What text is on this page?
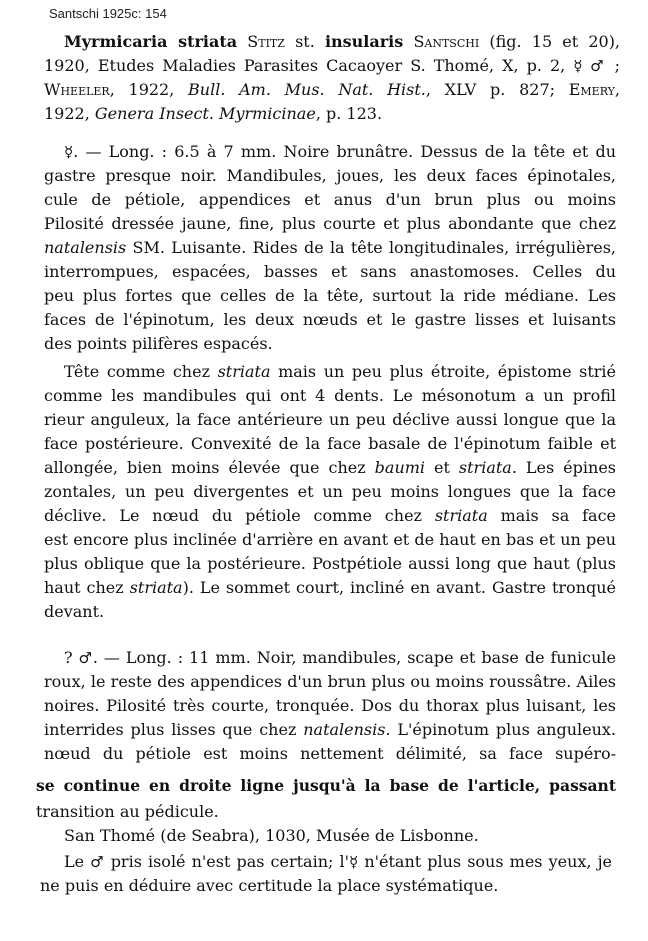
Santschi 1925c: 154
Myrmicaria striata Stitz st. insularis Santschi (fig. 15 et 20),
1920, Etudes Maladies Parasites Cacaoyer S. Thomé, X, p. 2, ☿ ♂ ;
Wheeler, 1922, Bull. Am. Mus. Nat. Hist., XLV p. 827; Emery,
1922, Genera Insect. Myrmicinae, p. 123.
☿. — Long. : 6.5 à 7 mm. Noire brunâtre. Dessus de la tête et du
gastre presque noir. Mandibules, joues, les deux faces épinotales,
cule de pétiole, appendices et anus d'un brun plus ou moins
Pilosité dressée jaune, fine, plus courte et plus abondante que chez
natalensis SM. Luisante. Rides de la tête longitudinales, irrégulières,
interrompues, espacées, basses et sans anastomoses. Celles du
peu plus fortes que celles de la tête, surtout la ride médiane. Les
faces de l'épinotum, les deux nœuds et le gastre lisses et luisants
des points pilifères espacés.
Tête comme chez striata mais un peu plus étroite, épistome strié
comme les mandibules qui ont 4 dents. Le mésonotum a un profil
rieur anguleux, la face antérieure un peu déclive aussi longue que la
face postérieure. Convexité de la face basale de l'épinotum faible et
allongée, bien moins élevée que chez baumi et striata. Les épines
zontales, un peu divergentes et un peu moins longues que la face
déclive. Le nœud du pétiole comme chez striata mais sa face
est encore plus inclinée d'arrière en avant et de haut en bas et un peu
plus oblique que la postérieure. Postpétiole aussi long que haut (plus
haut chez striata). Le sommet court, incliné en avant. Gastre tronqué
devant.
? ♂. — Long. : 11 mm. Noir, mandibules, scape et base de funicule
roux, le reste des appendices d'un brun plus ou moins roussâtre. Ailes
noires. Pilosité très courte, tronquée. Dos du thorax plus luisant, les
interrides plus lisses que chez natalensis. L'épinotum plus anguleux.
nœud du pétiole est moins nettement délimité, sa face supéro-
se continue en droite ligne jusqu'à la base de l'article, passant
transition au pédicule.
San Thomé (de Seabra), 1030, Musée de Lisbonne.
Le ♂ pris isolé n'est pas certain; l'☿ n'étant plus sous mes yeux, je
ne puis en déduire avec certitude la place systématique.
